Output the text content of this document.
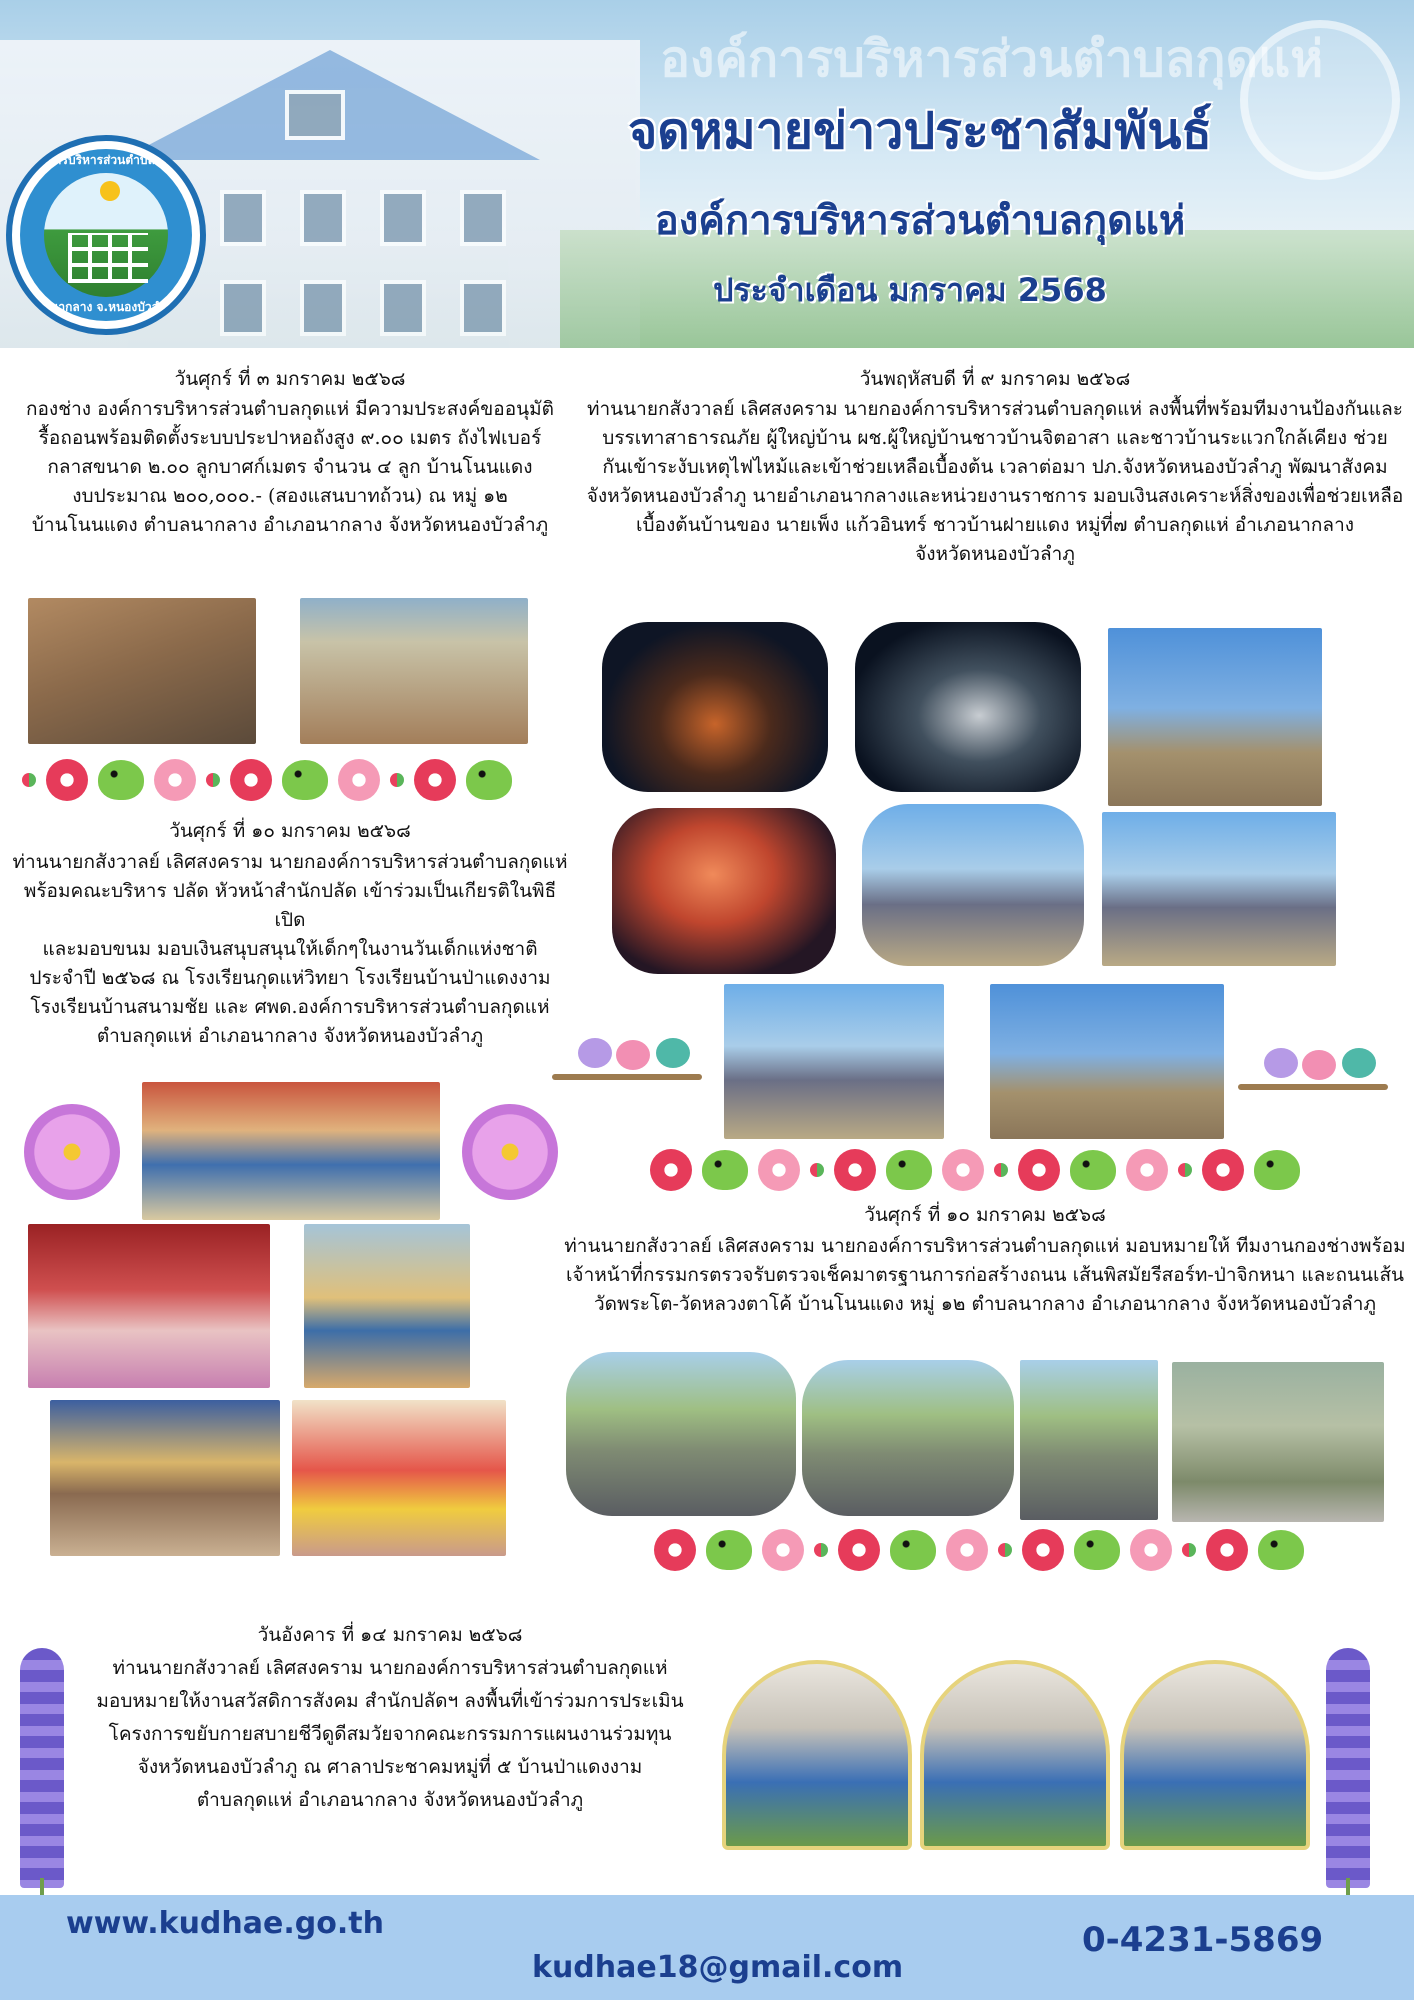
องค์การบริหารส่วนตำบลกุดแห่
องค์การบริหารส่วนตำบลกุดแห่
อ.นากลาง จ.หนองบัวลำภู
จดหมายข่าวประชาสัมพันธ์
องค์การบริหารส่วนตำบลกุดแห่
ประจำเดือน มกราคม 2568
วันศุกร์ ที่ ๓ มกราคม ๒๕๖๘
กองช่าง องค์การบริหารส่วนตำบลกุดแห่ มีความประสงค์ขออนุมัติ
รื้อถอนพร้อมติดตั้งระบบประปาหอถังสูง ๙.๐๐ เมตร ถังไฟเบอร์
กลาสขนาด ๒.๐๐ ลูกบาศก์เมตร จำนวน ๔ ลูก บ้านโนนแดง
งบประมาณ ๒๐๐,๐๐๐.- (สองแสนบาทถ้วน) ณ หมู่ ๑๒
บ้านโนนแดง ตำบลนากลาง อำเภอนากลาง จังหวัดหนองบัวลำภู
วันพฤหัสบดี ที่ ๙ มกราคม ๒๕๖๘
ท่านนายกสังวาลย์ เลิศสงคราม นายกองค์การบริหารส่วนตำบลกุดแห่ ลงพื้นที่พร้อมทีมงานป้องกันและ
บรรเทาสาธารณภัย ผู้ใหญ่บ้าน ผช.ผู้ใหญ่บ้านชาวบ้านจิตอาสา และชาวบ้านระแวกใกล้เคียง ช่วย
กันเข้าระงับเหตุไฟไหม้และเข้าช่วยเหลือเบื้องต้น เวลาต่อมา ปภ.จังหวัดหนองบัวลำภู พัฒนาสังคม
จังหวัดหนองบัวลำภู นายอำเภอนากลางและหน่วยงานราชการ มอบเงินสงเคราะห์สิ่งของเพื่อช่วยเหลือ
เบื้องต้นบ้านของ นายเพ็ง แก้วอินทร์ ชาวบ้านฝายแดง หมู่ที่๗ ตำบลกุดแห่ อำเภอนากลาง
จังหวัดหนองบัวลำภู
วันศุกร์ ที่ ๑๐ มกราคม ๒๕๖๘
ท่านนายกสังวาลย์ เลิศสงคราม นายกองค์การบริหารส่วนตำบลกุดแห่
พร้อมคณะบริหาร ปลัด หัวหน้าสำนักปลัด เข้าร่วมเป็นเกียรติในพิธีเปิด
และมอบขนม มอบเงินสนุบสนุนให้เด็กๆในงานวันเด็กแห่งชาติ
ประจำปี ๒๕๖๘ ณ โรงเรียนกุดแห่วิทยา โรงเรียนบ้านป่าแดงงาม
โรงเรียนบ้านสนามชัย และ ศพด.องค์การบริหารส่วนตำบลกุดแห่
ตำบลกุดแห่ อำเภอนากลาง จังหวัดหนองบัวลำภู
วันศุกร์ ที่ ๑๐ มกราคม ๒๕๖๘
ท่านนายกสังวาลย์ เลิศสงคราม นายกองค์การบริหารส่วนตำบลกุดแห่ มอบหมายให้ ทีมงานกองช่างพร้อม
เจ้าหน้าที่กรรมกรตรวจรับตรวจเช็คมาตรฐานการก่อสร้างถนน เส้นพิสมัยรีสอร์ท-ป่าจิกหนา และถนนเส้น
วัดพระโต-วัดหลวงตาโค้ บ้านโนนแดง หมู่ ๑๒ ตำบลนากลาง อำเภอนากลาง จังหวัดหนองบัวลำภู
วันอังคาร ที่ ๑๔ มกราคม ๒๕๖๘
ท่านนายกสังวาลย์ เลิศสงคราม นายกองค์การบริหารส่วนตำบลกุดแห่
มอบหมายให้งานสวัสดิการสังคม สำนักปลัดฯ ลงพื้นที่เข้าร่วมการประเมิน
โครงการขยับกายสบายชีวีดูดีสมวัยจากคณะกรรมการแผนงานร่วมทุน
จังหวัดหนองบัวลำภู ณ ศาลาประชาคมหมู่ที่ ๕ บ้านป่าแดงงาม
ตำบลกุดแห่ อำเภอนากลาง จังหวัดหนองบัวลำภู
www.kudhae.go.th
kudhae18@gmail.com
0-4231-5869
